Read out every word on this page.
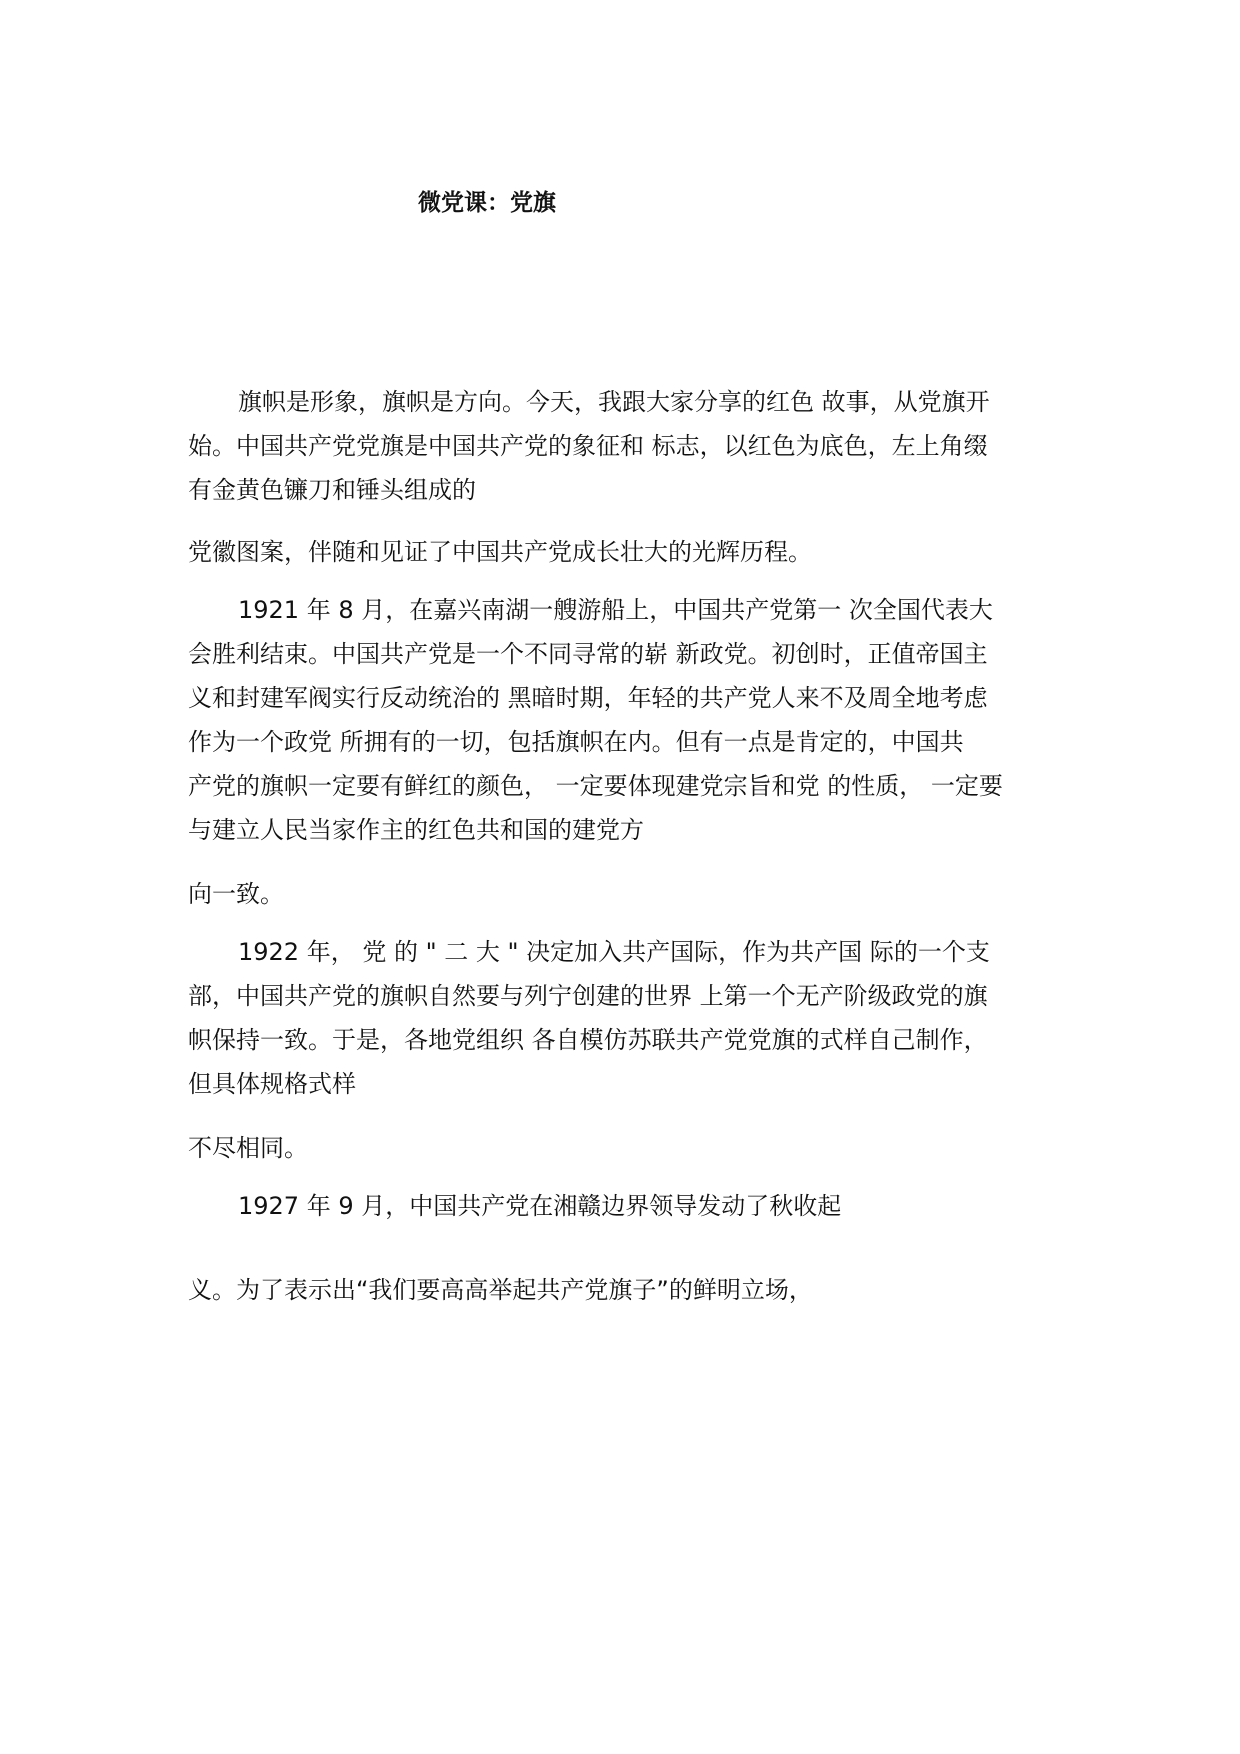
微党课：党旗
旗帜是形象，旗帜是方向。今天，我跟大家分享的红色 故事，从党旗开
始。中国共产党党旗是中国共产党的象征和 标志，以红色为底色，左上角缀
有金黄色镰刀和锤头组成的
党徽图案，伴随和见证了中国共产党成长壮大的光辉历程。
1921 年 8 月，在嘉兴南湖一艘游船上，中国共产党第一 次全国代表大
会胜利结束。中国共产党是一个不同寻常的崭 新政党。初创时，正值帝国主
义和封建军阀实行反动统治的 黑暗时期，年轻的共产党人来不及周全地考虑
作为一个政党 所拥有的一切，包括旗帜在内。但有一点是肯定的，中国共
产党的旗帜一定要有鲜红的颜色， 一定要体现建党宗旨和党 的性质， 一定要
与建立人民当家作主的红色共和国的建党方
向一致。
1922 年， 党 的 " 二 大 " 决定加入共产国际，作为共产国 际的一个支
部，中国共产党的旗帜自然要与列宁创建的世界 上第一个无产阶级政党的旗
帜保持一致。于是，各地党组织 各自模仿苏联共产党党旗的式样自己制作，
但具体规格式样
不尽相同。
1927 年 9 月，中国共产党在湘赣边界领导发动了秋收起
义。为了表示出“我们要高高举起共产党旗子”的鲜明立场，
